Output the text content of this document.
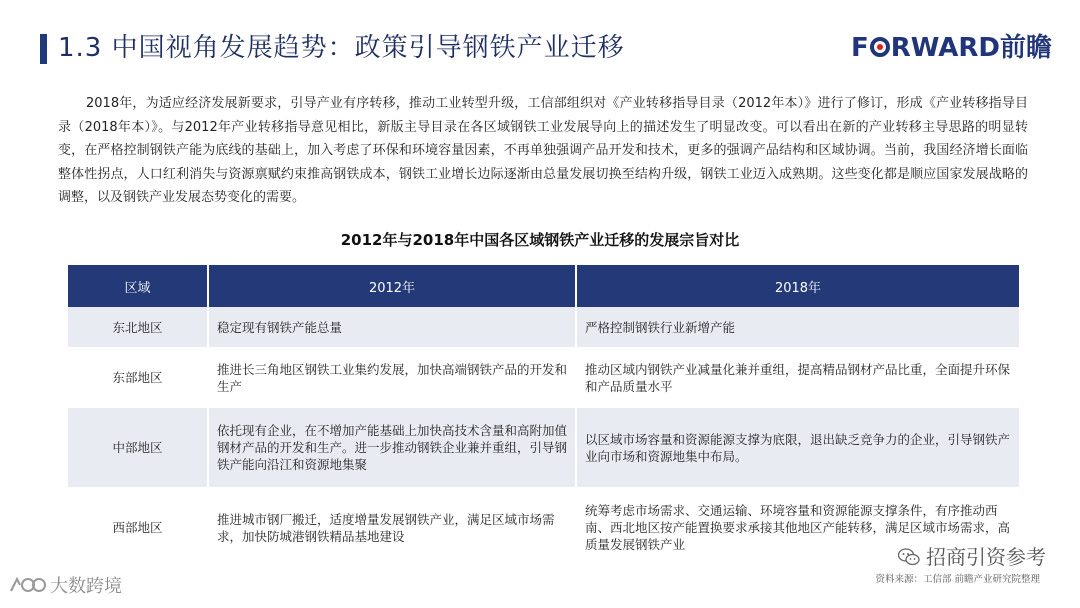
1.3 中国视角发展趋势：政策引导钢铁产业迁移	F RWARD前瞻
2018年，为适应经济发展新要求，引导产业有序转移，推动工业转型升级，工信部组织对《产业转移指导目录（2012年本）》进行了修订，形成《产业转移指导目录（2018年本）》。与2012年产业转移指导意见相比，新版主导目录在各区域钢铁工业发展导向上的描述发生了明显改变。可以看出在新的产业转移主导思路的明显转变，在严格控制钢铁产能为底线的基础上，加入考虑了环保和环境容量因素，不再单独强调产品开发和技术，更多的强调产品结构和区域协调。当前，我国经济增长面临整体性拐点，人口红利消失与资源禀赋约束推高钢铁成本，钢铁工业增长边际逐渐由总量发展切换至结构升级，钢铁工业迈入成熟期。这些变化都是顺应国家发展战略的调整，以及钢铁产业发展态势变化的需要。
2012年与2018年中国各区域钢铁产业迁移的发展宗旨对比
区域	2012年	2018年
东北地区	稳定现有钢铁产能总量	严格控制钢铁行业新增产能
东部地区	推进长三角地区钢铁工业集约发展，加快高端钢铁产品的开发和生产	推动区域内钢铁产业减量化兼并重组，提高精品钢材产品比重，全面提升环保和产品质量水平
中部地区	依托现有企业，在不增加产能基础上加快高技术含量和高附加值钢材产品的开发和生产。进一步推动钢铁企业兼并重组，引导钢铁产能向沿江和资源地集聚	以区域市场容量和资源能源支撑为底限，退出缺乏竞争力的企业，引导钢铁产业向市场和资源地集中布局。
西部地区	推进城市钢厂搬迁，适度增量发展钢铁产业，满足区域市场需求，加快防城港钢铁精品基地建设	统筹考虑市场需求、交通运输、环境容量和资源能源支撑条件，有序推动西南、西北地区按产能置换要求承接其他地区产能转移，满足区域市场需求，高质量发展钢铁产业
招商引资参考
资料来源：工信部 前瞻产业研究院整理
大数跨境
